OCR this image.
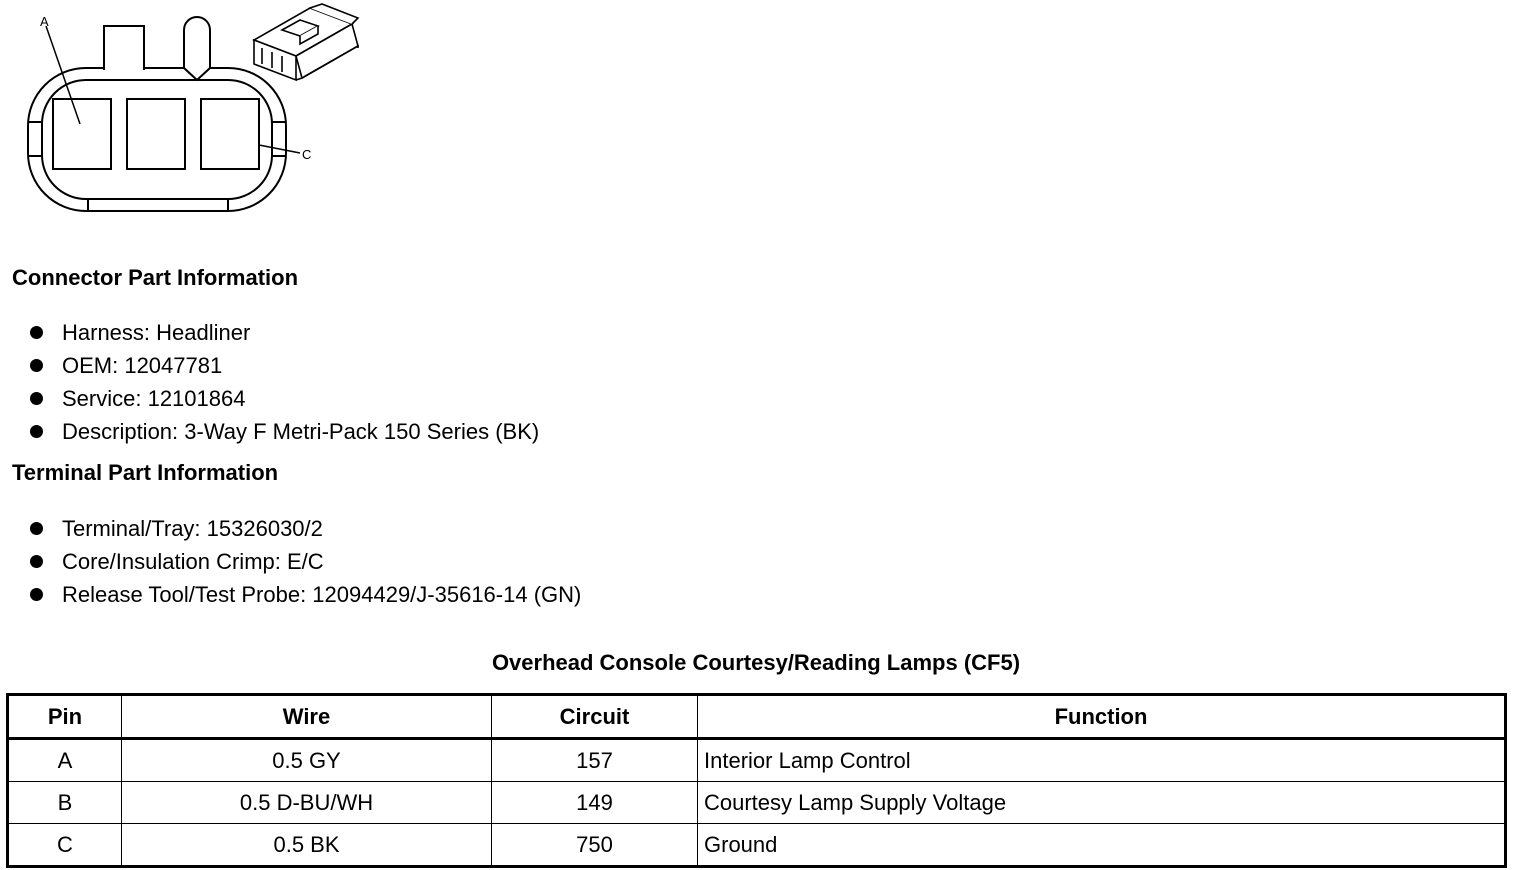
A
C
Connector Part Information
Harness: Headliner
OEM: 12047781
Service: 12101864
Description: 3-Way F Metri-Pack 150 Series (BK)
Terminal Part Information
Terminal/Tray: 15326030/2
Core/Insulation Crimp: E/C
Release Tool/Test Probe: 12094429/J-35616-14 (GN)
Overhead Console Courtesy/Reading Lamps (CF5)
Pin	Wire	Circuit	Function
A	0.5 GY	157	Interior Lamp Control
B	0.5 D-BU/WH	149	Courtesy Lamp Supply Voltage
C	0.5 BK	750	Ground
